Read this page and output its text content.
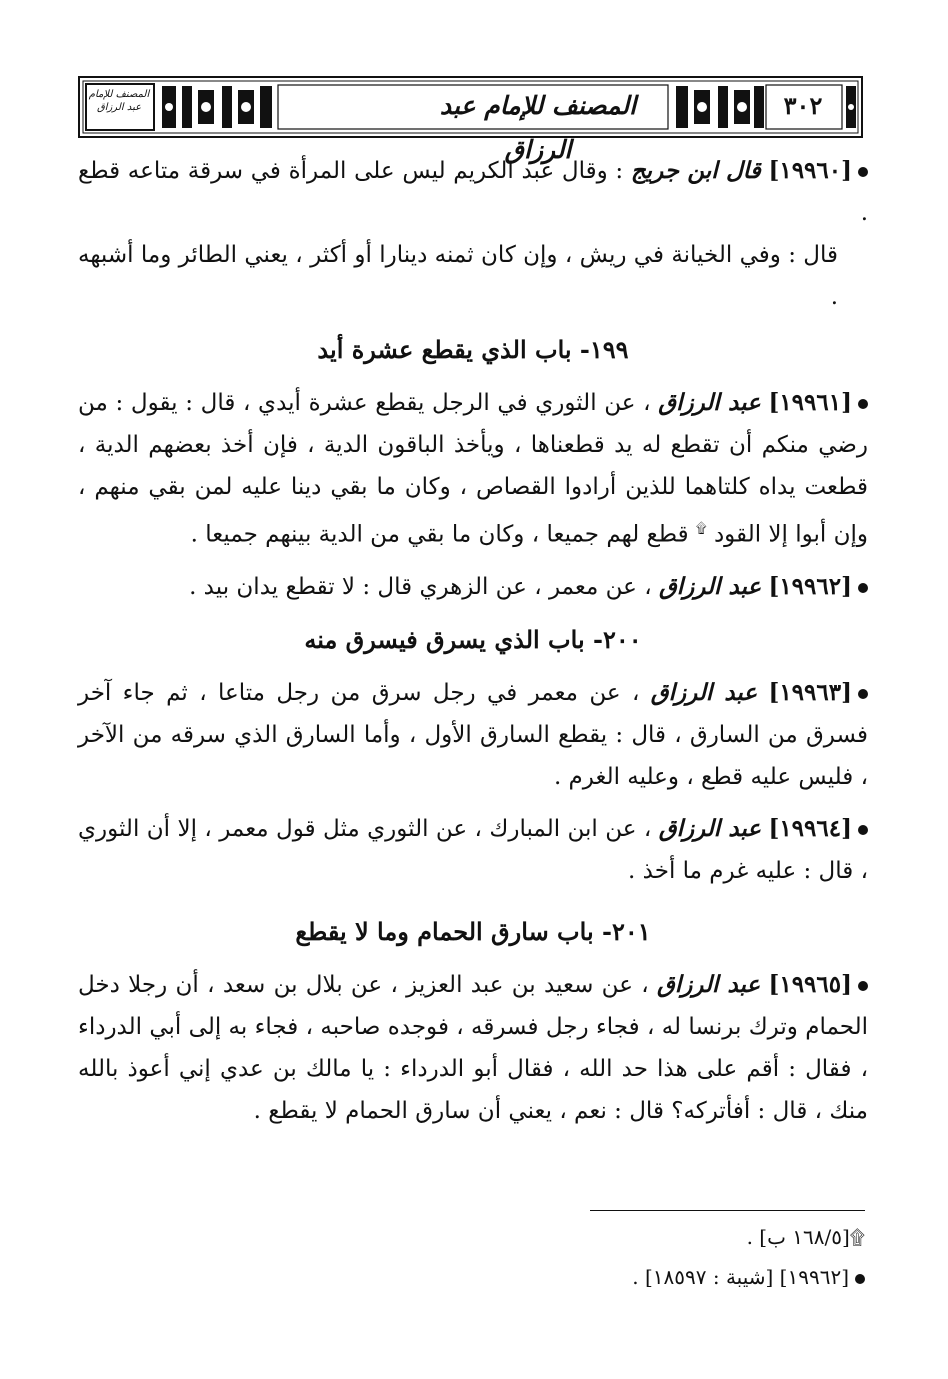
المصنف للإمام عبد الرزاق
٣٠٢
المصنف للإمام عبد الرزاق

[١٩٩٦٠] قال ابن جريج : وقال عبد الكريم ليس على المرأة في سرقة متاعه قطع .

قال : وفي الخيانة في ريش ، وإن كان ثمنه دينارا أو أكثر ، يعني الطائر وما أشبهه .

١٩٩- باب الذي يقطع عشرة أيد

[١٩٩٦١] عبد الرزاق ، عن الثوري في الرجل يقطع عشرة أيدي ، قال : يقول : من رضي منكم أن تقطع له يد قطعناها ، ويأخذ الباقون الدية ، فإن أخذ بعضهم الدية ، قطعت يداه كلتاهما للذين أرادوا القصاص ، وكان ما بقي دينا عليه لمن بقي منهم ، وإن أبوا إلا القود ۩ قطع لهم جميعا ، وكان ما بقي من الدية بينهم جميعا .

[١٩٩٦٢] عبد الرزاق ، عن معمر ، عن الزهري قال : لا تقطع يدان بيد .

٢٠٠- باب الذي يسرق فيسرق منه

[١٩٩٦٣] عبد الرزاق ، عن معمر في رجل سرق من رجل متاعا ، ثم جاء آخر فسرق من السارق ، قال : يقطع السارق الأول ، وأما السارق الذي سرقه من الآخر ، فليس عليه قطع ، وعليه الغرم .

[١٩٩٦٤] عبد الرزاق ، عن ابن المبارك ، عن الثوري مثل قول معمر ، إلا أن الثوري ، قال : عليه غرم ما أخذ .

٢٠١- باب سارق الحمام وما لا يقطع

[١٩٩٦٥] عبد الرزاق ، عن سعيد بن عبد العزيز ، عن بلال بن سعد ، أن رجلا دخل الحمام وترك برنسا له ، فجاء رجل فسرقه ، فوجده صاحبه ، فجاء به إلى أبي الدرداء ، فقال : أقم على هذا حد الله ، فقال أبو الدرداء : يا مالك بن عدي إني أعوذ بالله منك ، قال : أفأتركه؟ قال : نعم ، يعني أن سارق الحمام لا يقطع .

۩[١٦٨/٥ ب] .
[١٩٩٦٢] [شيبة : ١٨٥٩٧] .
